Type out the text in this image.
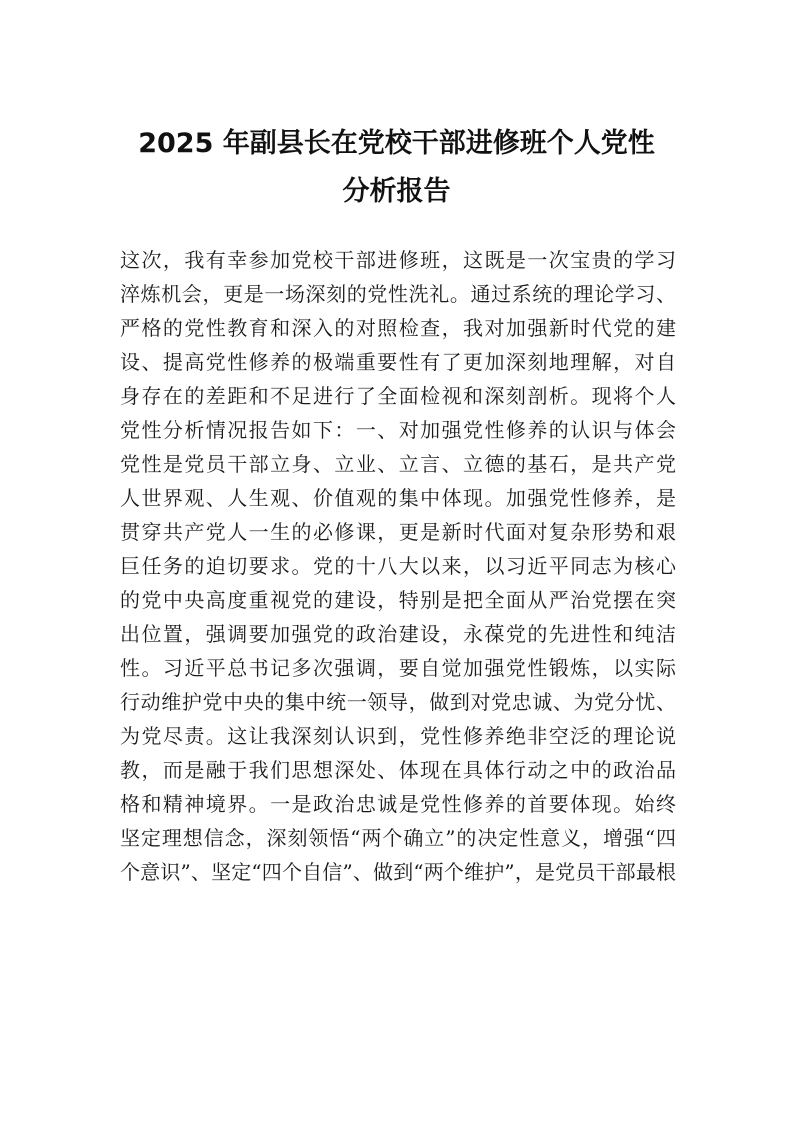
2025 年副县长在党校干部进修班个人党性
分析报告
这次，我有幸参加党校干部进修班，这既是一次宝贵的学习
淬炼机会，更是一场深刻的党性洗礼。通过系统的理论学习、
严格的党性教育和深入的对照检查，我对加强新时代党的建
设、提高党性修养的极端重要性有了更加深刻地理解，对自
身存在的差距和不足进行了全面检视和深刻剖析。现将个人
党性分析情况报告如下：一、对加强党性修养的认识与体会
党性是党员干部立身、立业、立言、立德的基石，是共产党
人世界观、人生观、价值观的集中体现。加强党性修养，是
贯穿共产党人一生的必修课，更是新时代面对复杂形势和艰
巨任务的迫切要求。党的十八大以来，以习近平同志为核心
的党中央高度重视党的建设，特别是把全面从严治党摆在突
出位置，强调要加强党的政治建设，永葆党的先进性和纯洁
性。习近平总书记多次强调，要自觉加强党性锻炼，以实际
行动维护党中央的集中统一领导，做到对党忠诚、为党分忧、
为党尽责。这让我深刻认识到，党性修养绝非空泛的理论说
教，而是融于我们思想深处、体现在具体行动之中的政治品
格和精神境界。一是政治忠诚是党性修养的首要体现。始终
坚定理想信念，深刻领悟“两个确立”的决定性意义，增强“四
个意识”、坚定“四个自信”、做到“两个维护”，是党员干部最根
